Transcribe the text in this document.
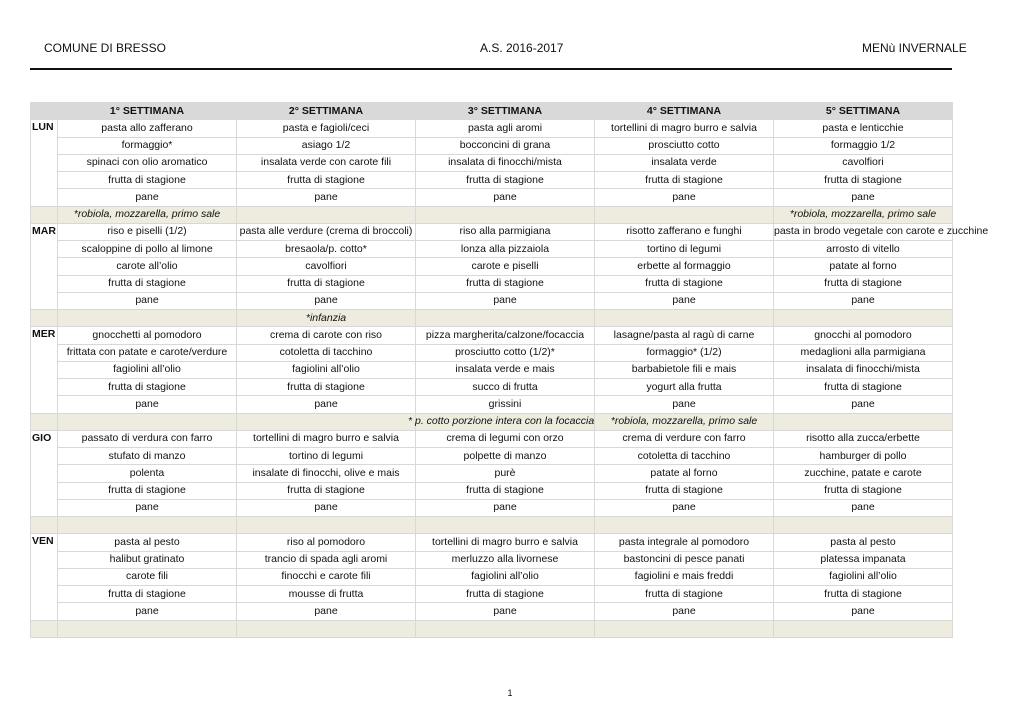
COMUNE DI BRESSO	A.S. 2016-2017	MENù INVERNALE
	1° SETTIMANA	2° SETTIMANA	3° SETTIMANA	4° SETTIMANA	5° SETTIMANA
LUN	pasta allo zafferano	pasta e fagioli/ceci	pasta agli aromi	tortellini di magro burro e salvia	pasta e lenticchie
	formaggio*	asiago 1/2	bocconcini di grana	prosciutto cotto	formaggio 1/2
	spinaci con olio aromatico	insalata verde con carote fili	insalata di finocchi/mista	insalata verde	cavolfiori
	frutta di stagione	frutta di stagione	frutta di stagione	frutta di stagione	frutta di stagione
	pane	pane	pane	pane	pane
	*robiola, mozzarella, primo sale				*robiola, mozzarella, primo sale
MAR	riso e piselli (1/2)	pasta alle verdure (crema di broccoli)	riso alla parmigiana	risotto zafferano e funghi	pasta in brodo vegetale con carote e zucchine
	scaloppine di pollo al limone	bresaola/p. cotto*	lonza alla pizzaiola	tortino di legumi	arrosto di vitello
	carote all’olio	cavolfiori	carote e piselli	erbette al formaggio	patate al forno
	frutta di stagione	frutta di stagione	frutta di stagione	frutta di stagione	frutta di stagione
	pane	pane	pane	pane	pane
		*infanzia			
MER	gnocchetti al pomodoro	crema di carote con riso	pizza margherita/calzone/focaccia	lasagne/pasta al ragù di carne	gnocchi al pomodoro
	frittata con patate e carote/verdure	cotoletta di tacchino	prosciutto cotto (1/2)*	formaggio* (1/2)	medaglioni alla parmigiana
	fagiolini all’olio	fagiolini all’olio	insalata verde e mais	barbabietole fili e mais	insalata di finocchi/mista
	frutta di stagione	frutta di stagione	succo di frutta	yogurt alla frutta	frutta di stagione
	pane	pane	grissini	pane	pane
			* p. cotto porzione intera con la focaccia	*robiola, mozzarella, primo sale	
GIO	passato di verdura con farro	tortellini di magro burro e salvia	crema di legumi con orzo	crema di verdure con farro	risotto alla zucca/erbette
	stufato di manzo	tortino di legumi	polpette di manzo	cotoletta di tacchino	hamburger di pollo
	polenta	insalate di finocchi, olive e mais	purè	patate al forno	zucchine, patate e carote
	frutta di stagione	frutta di stagione	frutta di stagione	frutta di stagione	frutta di stagione
	pane	pane	pane	pane	pane

VEN	pasta al pesto	riso al pomodoro	tortellini di magro burro e salvia	pasta integrale al pomodoro	pasta al pesto
	halibut gratinato	trancio di spada agli aromi	merluzzo alla livornese	bastoncini di pesce panati	platessa impanata
	carote fili	finocchi e carote fili	fagiolini all’olio	fagiolini e mais freddi	fagiolini all’olio
	frutta di stagione	mousse di frutta	frutta di stagione	frutta di stagione	frutta di stagione
	pane	pane	pane	pane	pane

1
